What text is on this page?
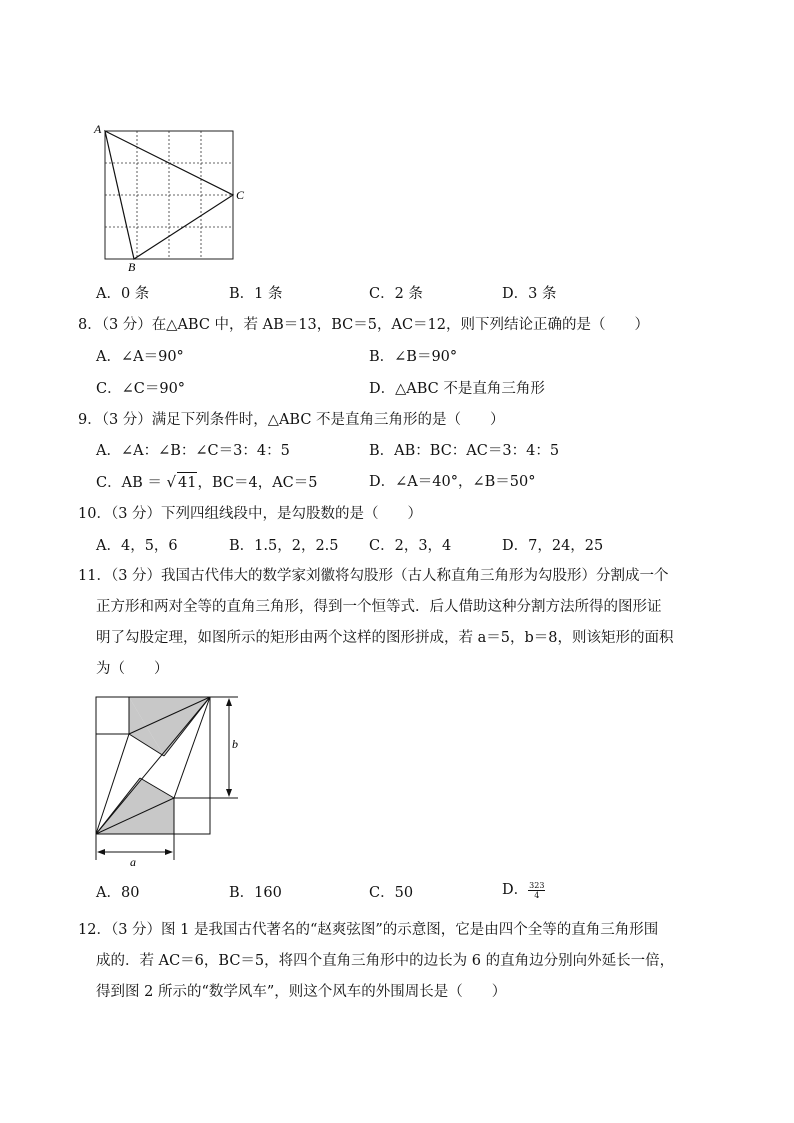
A
C
B
A．0 条	B．1 条	C．2 条	D．3 条
8．（3 分）在△ABC 中，若 AB＝13，BC＝5，AC＝12，则下列结论正确的是（　　）
A．∠A＝90°	B．∠B＝90°
C．∠C＝90°	D．△ABC 不是直角三角形
9．（3 分）满足下列条件时，△ABC 不是直角三角形的是（　　）
A．∠A：∠B：∠C＝3：4：5	B．AB：BC：AC＝3：4：5
C．AB ＝ √ 41，BC＝4，AC＝5	D．∠A＝40°，∠B＝50°
10．（3 分）下列四组线段中，是勾股数的是（　　）
A．4，5，6	B．1.5，2，2.5 C．2，3，4	D．7，24，25
11．（3 分）我国古代伟大的数学家刘徽将勾股形（古人称直角三角形为勾股形）分割成一个
正方形和两对全等的直角三角形，得到一个恒等式．后人借助这种分割方法所得的图形证
明了勾股定理，如图所示的矩形由两个这样的图形拼成，若 a＝5，b＝8，则该矩形的面积
为（　　）
b
a
A．80	B．160	C．50	D． $\frac{323}{4}$
12．（3 分）图 1 是我国古代著名的“赵爽弦图”的示意图，它是由四个全等的直角三角形围
成的．若 AC＝6，BC＝5，将四个直角三角形中的边长为 6 的直角边分别向外延长一倍，
得到图 2 所示的“数学风车”，则这个风车的外围周长是（　　）
